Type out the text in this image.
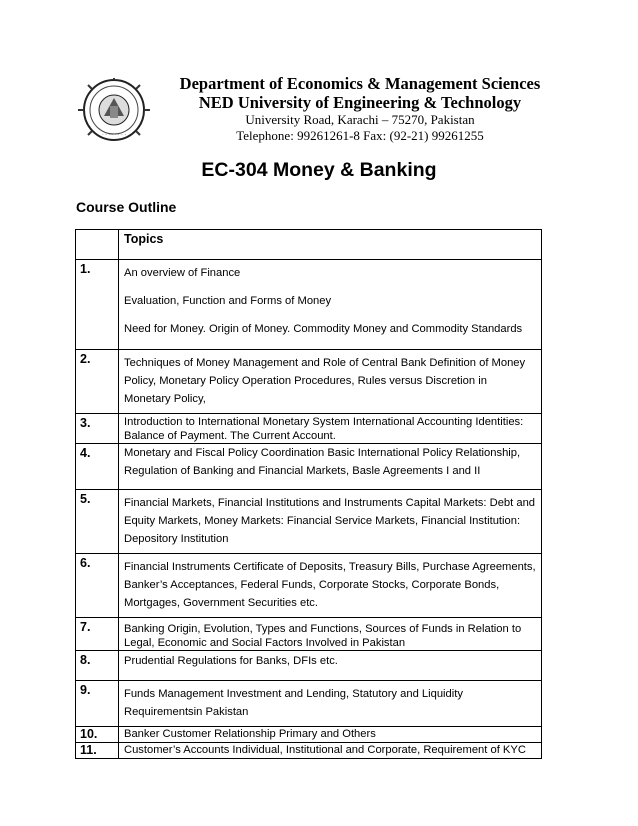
· · · · · · · ·
Department of Economics & Management Sciences
NED University of Engineering & Technology
University Road, Karachi – 75270, Pakistan
Telephone: 99261261-8 Fax: (92-21) 99261255
EC-304 Money & Banking
Course Outline
	Topics
1.	An overview of Finance
Evaluation, Function and Forms of Money
Need for Money. Origin of Money. Commodity Money and Commodity Standards

2.	Techniques of Money Management and Role of Central Bank Definition of Money Policy, Monetary Policy Operation Procedures, Rules versus Discretion in Monetary Policy,
3.	Introduction to International Monetary System International Accounting Identities: Balance of Payment. The Current Account.
4.	Monetary and Fiscal Policy Coordination Basic International Policy Relationship, Regulation of Banking and Financial Markets, Basle Agreements I and II
5.	Financial Markets, Financial Institutions and Instruments Capital Markets: Debt and Equity Markets, Money Markets: Financial Service Markets, Financial Institution: Depository Institution
6.	Financial Instruments Certificate of Deposits, Treasury Bills, Purchase Agreements, Banker’s Acceptances, Federal Funds, Corporate Stocks, Corporate Bonds, Mortgages, Government Securities etc.
7.	Banking Origin, Evolution, Types and Functions, Sources of Funds in Relation to Legal, Economic and Social Factors Involved in Pakistan
8.	Prudential Regulations for Banks, DFIs etc.
9.	Funds Management Investment and Lending, Statutory and Liquidity Requirementsin Pakistan
10.	Banker Customer Relationship Primary and Others
11.	Customer’s Accounts Individual, Institutional and Corporate, Requirement of KYC
